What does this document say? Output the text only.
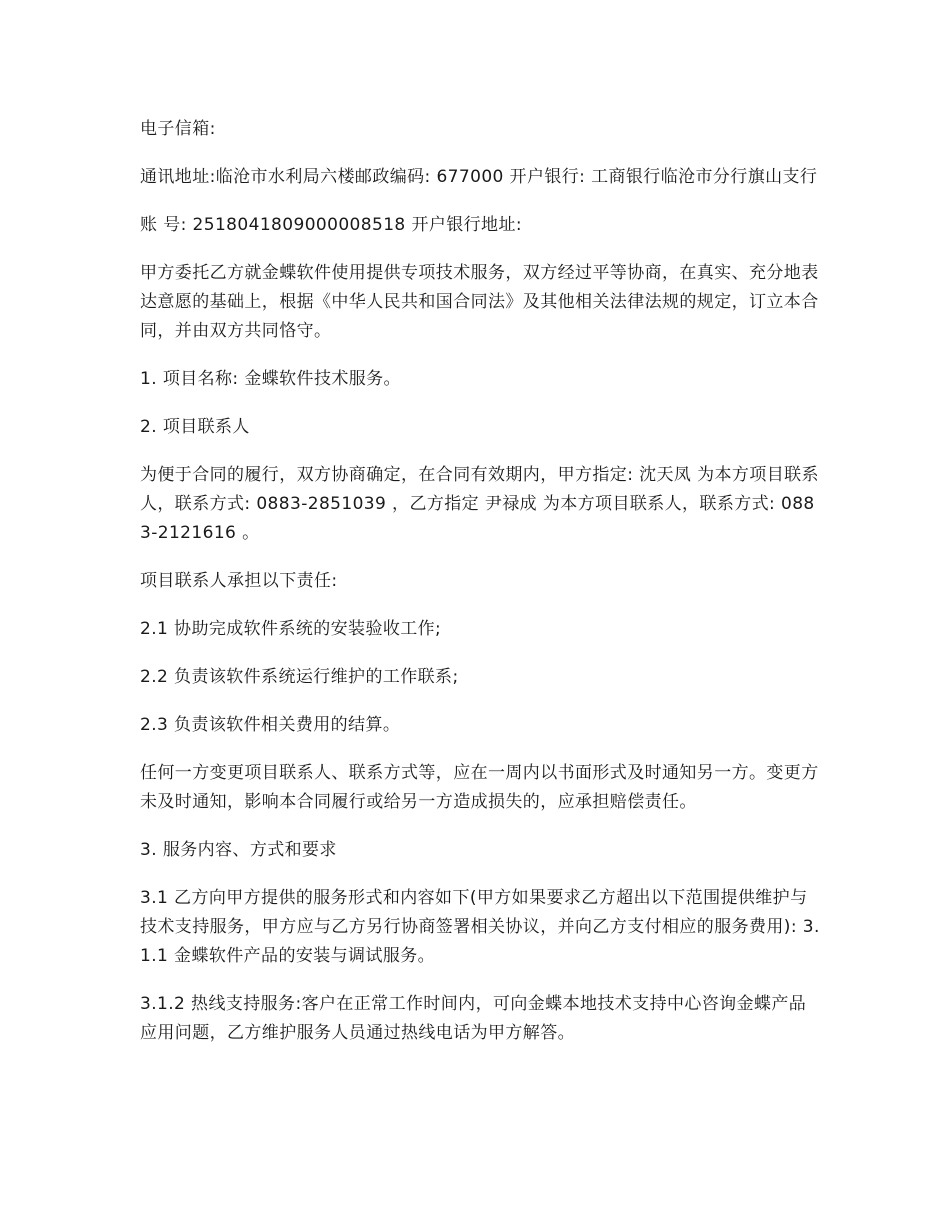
电子信箱:

通讯地址:临沧市水利局六楼邮政编码: 677000 开户银行: 工商银行临沧市分行旗山支行

账 号: 2518041809000008518 开户银行地址:

甲方委托乙方就金蝶软件使用提供专项技术服务，双方经过平等协商，在真实、充分地表达意愿的基础上，根据《中华人民共和国合同法》及其他相关法律法规的规定，订立本合同，并由双方共同恪守。

1. 项目名称: 金蝶软件技术服务。

2. 项目联系人

为便于合同的履行，双方协商确定，在合同有效期内，甲方指定: 沈天凤 为本方项目联系人，联系方式: 0883-2851039 ，乙方指定 尹禄成 为本方项目联系人，联系方式: 0883-2121616 。

项目联系人承担以下责任:

2.1 协助完成软件系统的安装验收工作;

2.2 负责该软件系统运行维护的工作联系;

2.3 负责该软件相关费用的结算。

任何一方变更项目联系人、联系方式等，应在一周内以书面形式及时通知另一方。变更方未及时通知，影响本合同履行或给另一方造成损失的，应承担赔偿责任。

3. 服务内容、方式和要求

3.1 乙方向甲方提供的服务形式和内容如下(甲方如果要求乙方超出以下范围提供维护与技术支持服务，甲方应与乙方另行协商签署相关协议，并向乙方支付相应的服务费用): 3.1.1 金蝶软件产品的安装与调试服务。

3.1.2 热线支持服务:客户在正常工作时间内，可向金蝶本地技术支持中心咨询金蝶产品应用问题，乙方维护服务人员通过热线电话为甲方解答。
